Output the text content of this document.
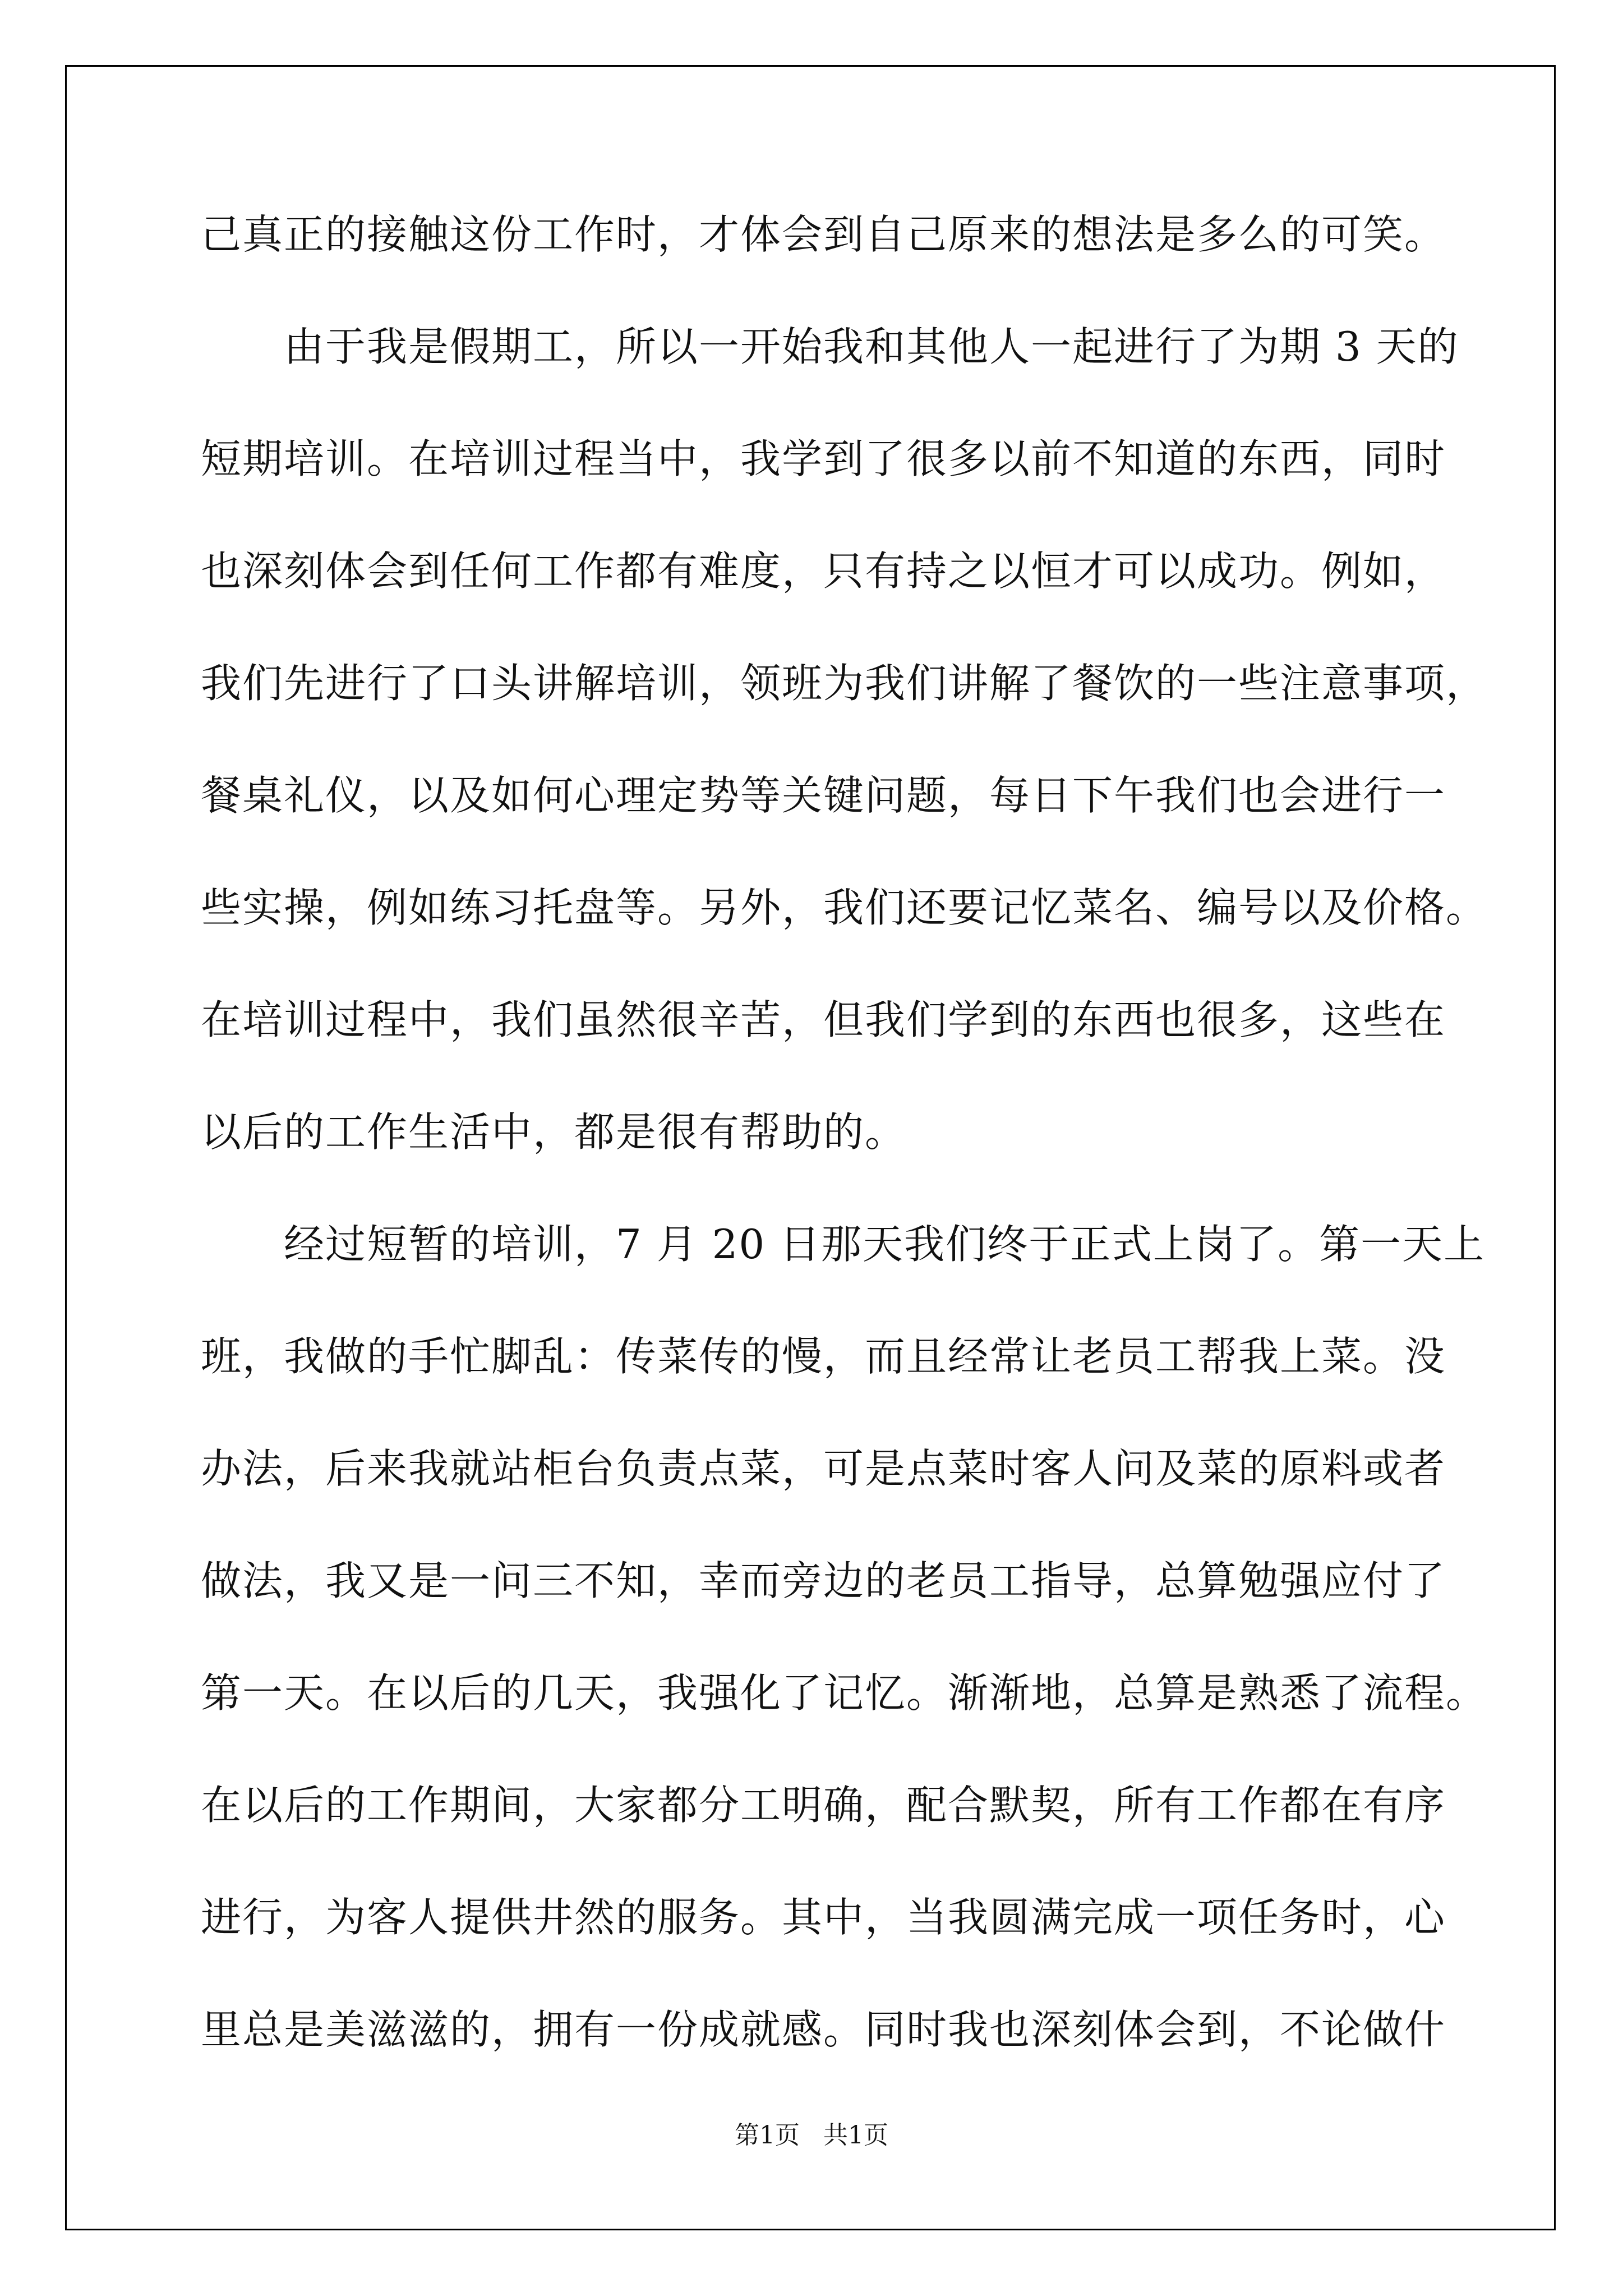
己真正的接触这份工作时，才体会到自己原来的想法是多么的可笑。
由于我是假期工，所以一开始我和其他人一起进行了为期 3 天的
短期培训。在培训过程当中，我学到了很多以前不知道的东西，同时
也深刻体会到任何工作都有难度，只有持之以恒才可以成功。例如，
我们先进行了口头讲解培训，领班为我们讲解了餐饮的一些注意事项，
餐桌礼仪，以及如何心理定势等关键问题，每日下午我们也会进行一
些实操，例如练习托盘等。另外，我们还要记忆菜名、编号以及价格。
在培训过程中，我们虽然很辛苦，但我们学到的东西也很多，这些在
以后的工作生活中，都是很有帮助的。
经过短暂的培训，7 月 20 日那天我们终于正式上岗了。第一天上
班，我做的手忙脚乱：传菜传的慢，而且经常让老员工帮我上菜。没
办法，后来我就站柜台负责点菜，可是点菜时客人问及菜的原料或者
做法，我又是一问三不知，幸而旁边的老员工指导，总算勉强应付了
第一天。在以后的几天，我强化了记忆。渐渐地，总算是熟悉了流程。
在以后的工作期间，大家都分工明确，配合默契，所有工作都在有序
进行，为客人提供井然的服务。其中，当我圆满完成一项任务时，心
里总是美滋滋的，拥有一份成就感。同时我也深刻体会到，不论做什
第1页   共1页
